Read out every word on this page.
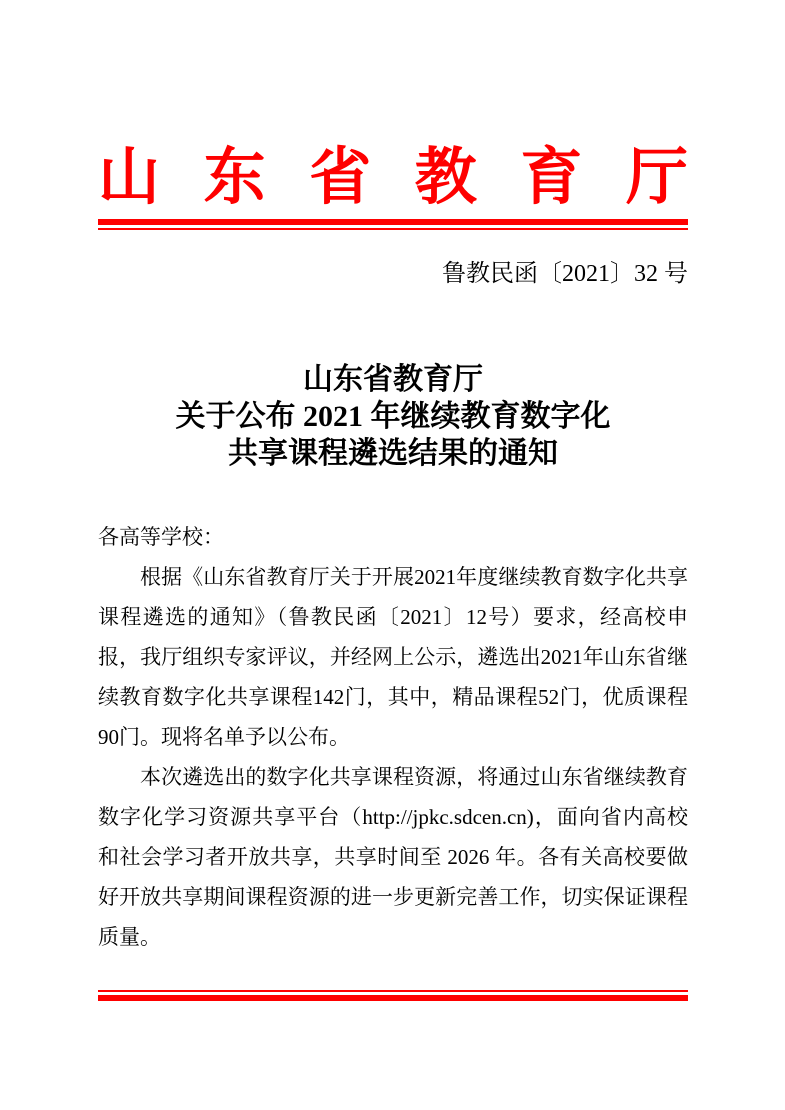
山东省教育厅

鲁教民函〔2021〕32 号

山东省教育厅
关于公布 2021 年继续教育数字化
共享课程遴选结果的通知

各高等学校：

根据《山东省教育厅关于开展2021年度继续教育数字化共享课程遴选的通知》（鲁教民函〔2021〕12号）要求，经高校申报，我厅组织专家评议，并经网上公示，遴选出2021年山东省继续教育数字化共享课程142门，其中，精品课程52门，优质课程90门。现将名单予以公布。

本次遴选出的数字化共享课程资源，将通过山东省继续教育数字化学习资源共享平台（http://jpkc.sdcen.cn)，面向省内高校和社会学习者开放共享，共享时间至 2026 年。各有关高校要做好开放共享期间课程资源的进一步更新完善工作，切实保证课程质量。
